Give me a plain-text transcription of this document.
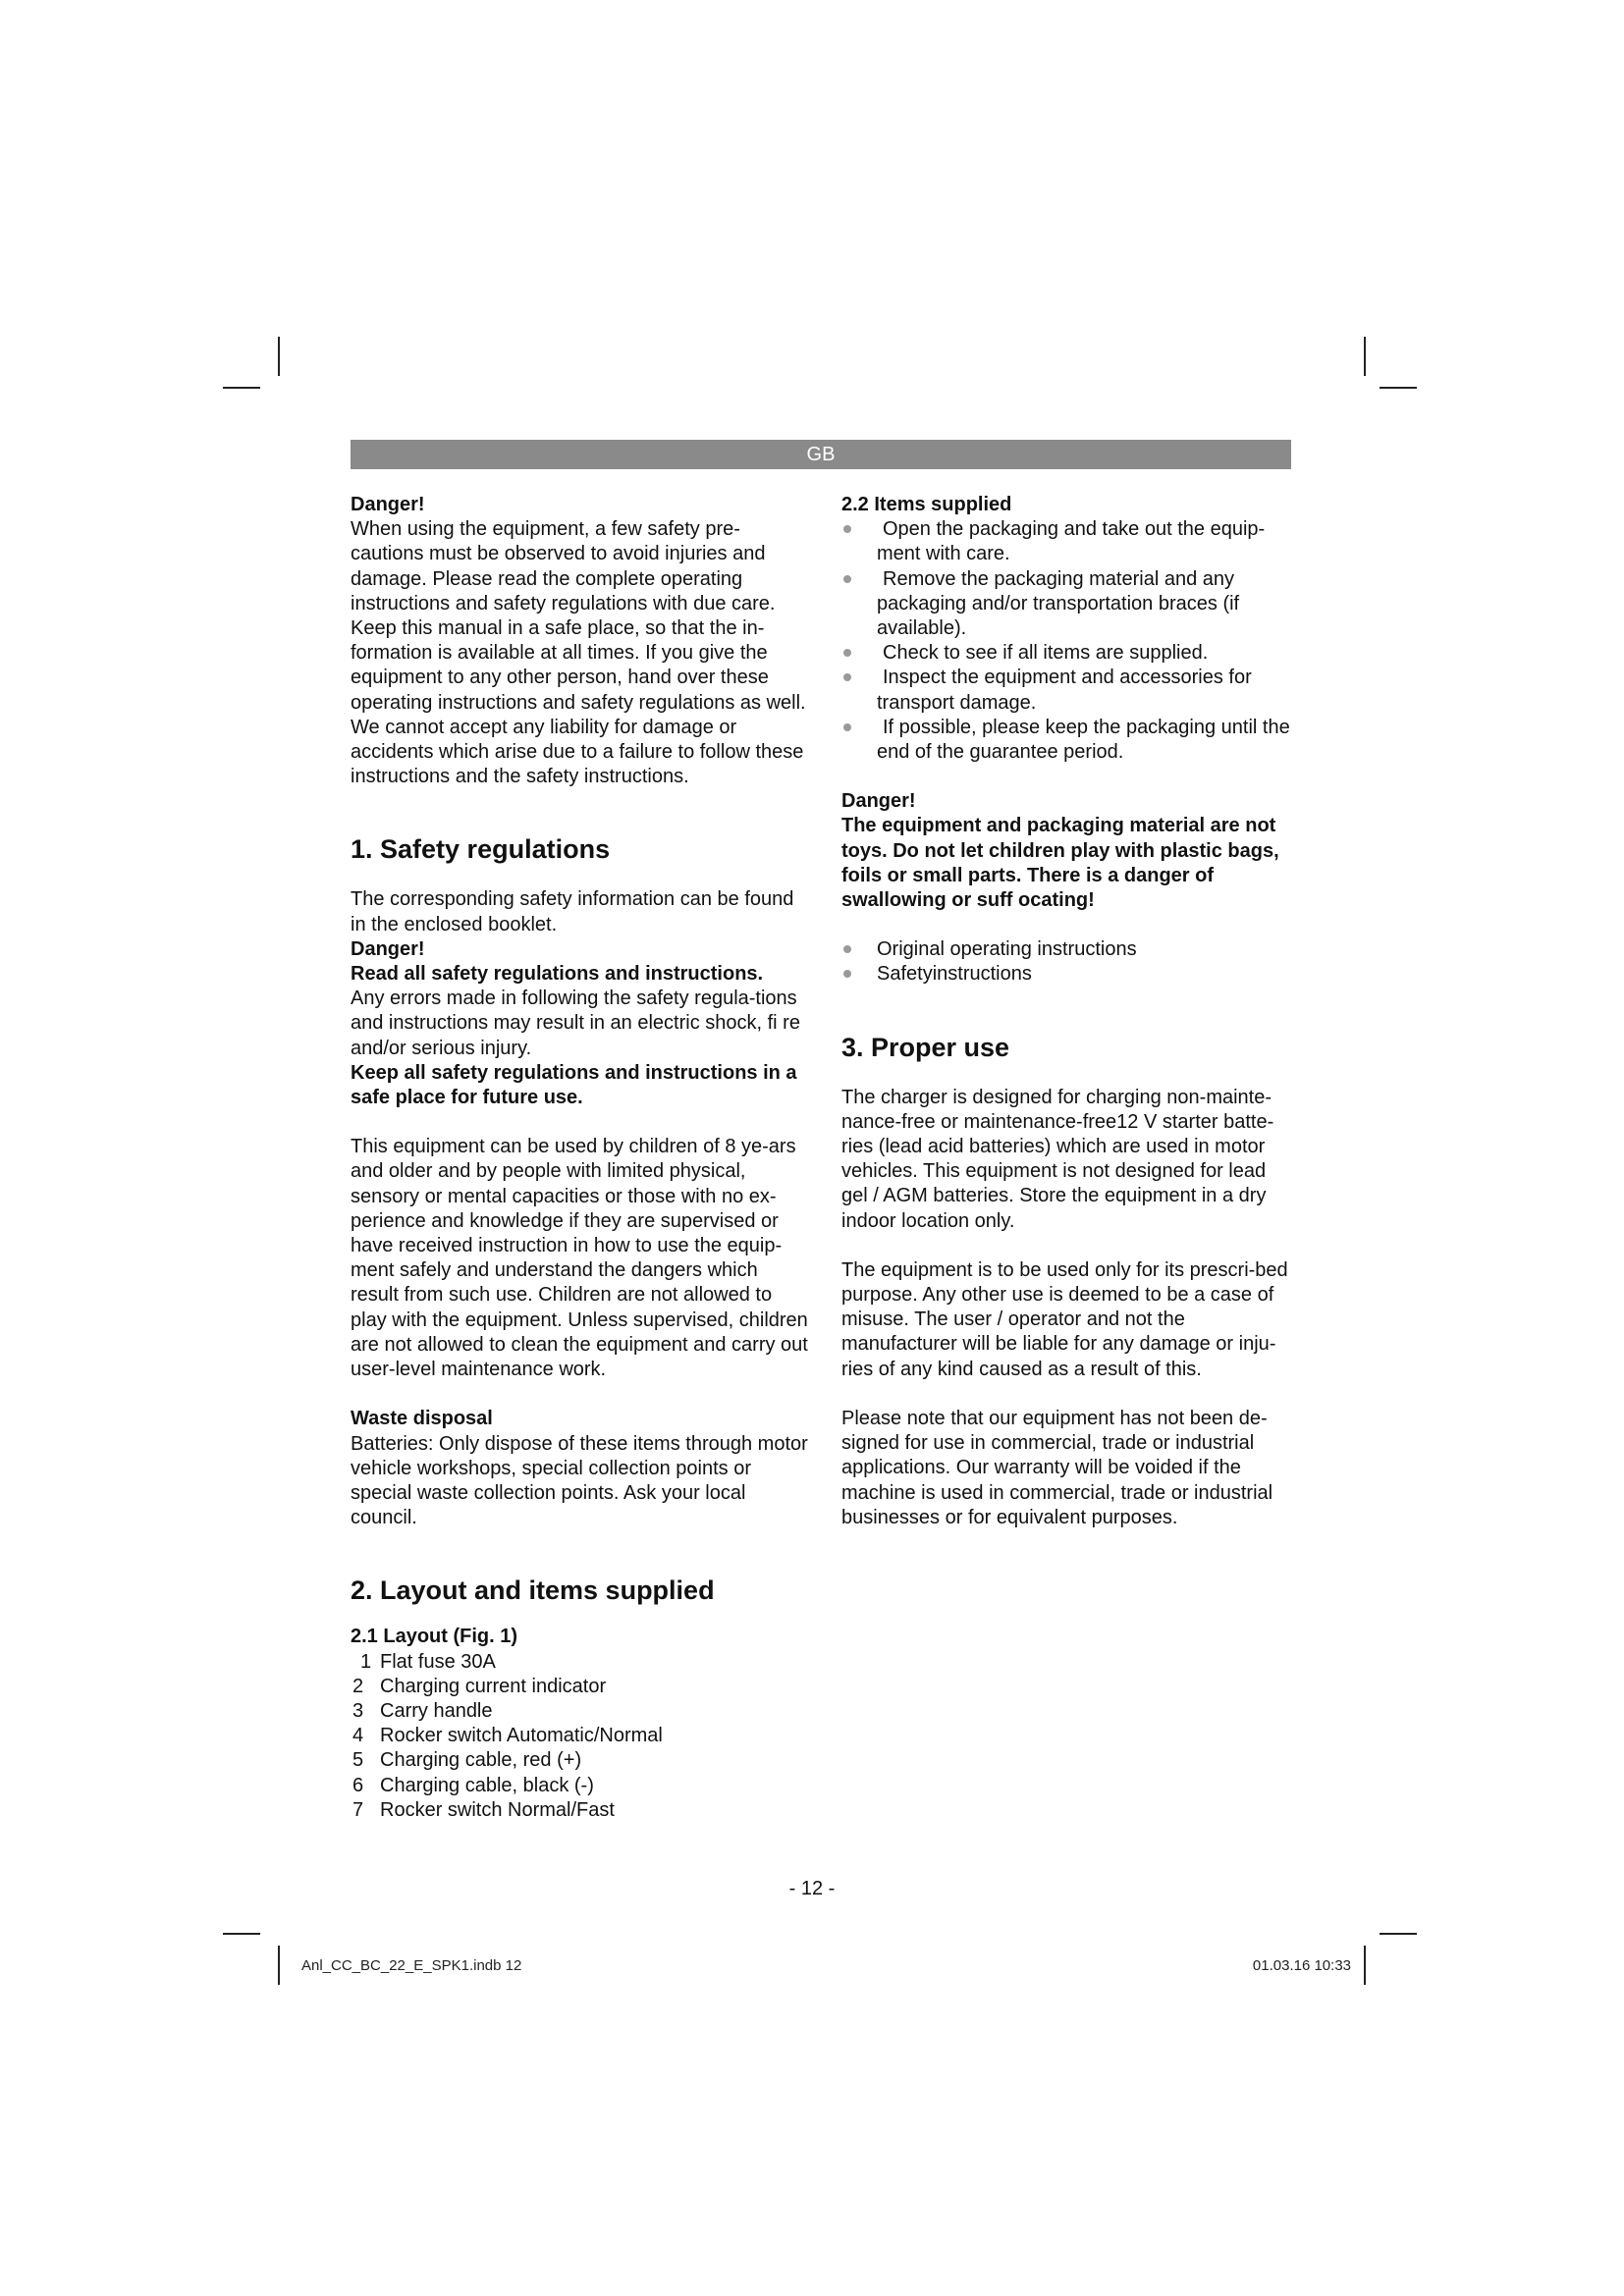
GB

Danger!

When using the equipment, a few safety pre-cautions must be observed to avoid injuries and damage. Please read the complete operating instructions and safety regulations with due care. Keep this manual in a safe place, so that the in-formation is available at all times. If you give the equipment to any other person, hand over these operating instructions and safety regulations as well. We cannot accept any liability for damage or accidents which arise due to a failure to follow these instructions and the safety instructions.

1. Safety regulations

The corresponding safety information can be found in the enclosed booklet.

Danger!

Read all safety regulations and instructions.

Any errors made in following the safety regula-tions and instructions may result in an electric shock, fi re and/or serious injury.

Keep all safety regulations and instructions in a safe place for future use.

This equipment can be used by children of 8 ye-ars and older and by people with limited physical, sensory or mental capacities or those with no ex-perience and knowledge if they are supervised or have received instruction in how to use the equip-ment safely and understand the dangers which result from such use. Children are not allowed to play with the equipment. Unless supervised, children are not allowed to clean the equipment and carry out user-level maintenance work.

Waste disposal

Batteries: Only dispose of these items through motor vehicle workshops, special collection points or special waste collection points. Ask your local council.

2. Layout and items supplied

2.1 Layout (Fig. 1)

1 Flat fuse 30A
2 Charging current indicator
3 Carry handle
4 Rocker switch Automatic/Normal
5 Charging cable, red (+)
6 Charging cable, black (-)
7 Rocker switch Normal/Fast

2.2 Items supplied

Open the packaging and take out the equip-ment with care.
Remove the packaging material and any packaging and/or transportation braces (if available).
Check to see if all items are supplied.
Inspect the equipment and accessories for transport damage.
If possible, please keep the packaging until the end of the guarantee period.

Danger!

The equipment and packaging material are not toys. Do not let children play with plastic bags, foils or small parts. There is a danger of swallowing or suff ocating!

Original operating instructions
Safetyinstructions
3. Proper use

The charger is designed for charging non-mainte-nance-free or maintenance-free12 V starter batte-ries (lead acid batteries) which are used in motor vehicles. This equipment is not designed for lead gel / AGM batteries. Store the equipment in a dry indoor location only.

The equipment is to be used only for its prescri-bed purpose. Any other use is deemed to be a case of misuse. The user / operator and not the manufacturer will be liable for any damage or inju-ries of any kind caused as a result of this.

Please note that our equipment has not been de-signed for use in commercial, trade or industrial applications. Our warranty will be voided if the machine is used in commercial, trade or industrial businesses or for equivalent purposes.

- 12 -
Anl_CC_BC_22_E_SPK1.indb 12	01.03.16 10:33
